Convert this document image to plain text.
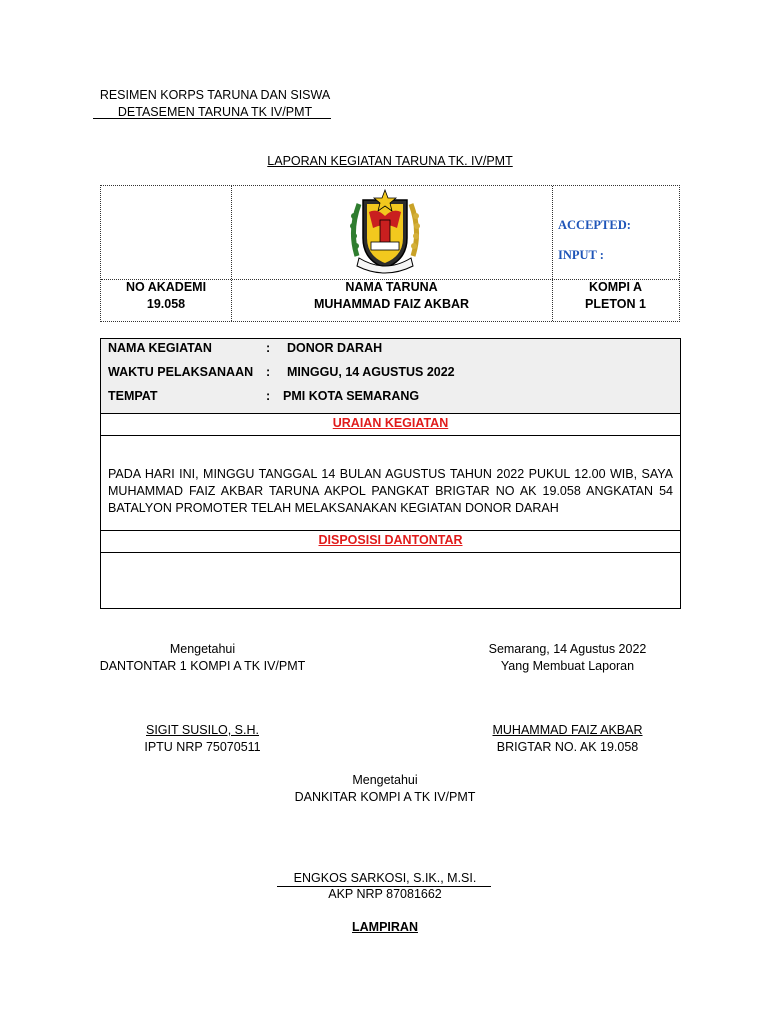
RESIMEN KORPS TARUNA DAN SISWA
DETASEMEN TARUNA TK IV/PMT
LAPORAN KEGIATAN TARUNA TK. IV/PMT
ACCEPTED:
INPUT :
NO AKADEMI
19.058
NAMA TARUNA
MUHAMMAD FAIZ AKBAR
KOMPI A
PLETON 1
NAMA KEGIATAN	: DONOR DARAH
WAKTU PELAKSANAAN : MINGGU, 14 AGUSTUS 2022
TEMPAT	: PMI KOTA SEMARANG
URAIAN KEGIATAN
PADA HARI INI, MINGGU TANGGAL 14 BULAN AGUSTUS TAHUN 2022 PUKUL 12.00 WIB, SAYA MUHAMMAD FAIZ AKBAR TARUNA AKPOL PANGKAT BRIGTAR NO AK 19.058 ANGKATAN 54 BATALYON PROMOTER TELAH MELAKSANAKAN KEGIATAN DONOR DARAH
DISPOSISI DANTONTAR
Mengetahui
DANTONTAR 1 KOMPI A TK IV/PMT
SIGIT SUSILO, S.H.
IPTU NRP 75070511
Semarang, 14 Agustus 2022
Yang Membuat Laporan
MUHAMMAD FAIZ AKBAR
BRIGTAR NO. AK 19.058
Mengetahui
DANKITAR KOMPI A TK IV/PMT
ENGKOS SARKOSI, S.IK., M.SI.
AKP NRP 87081662
LAMPIRAN
